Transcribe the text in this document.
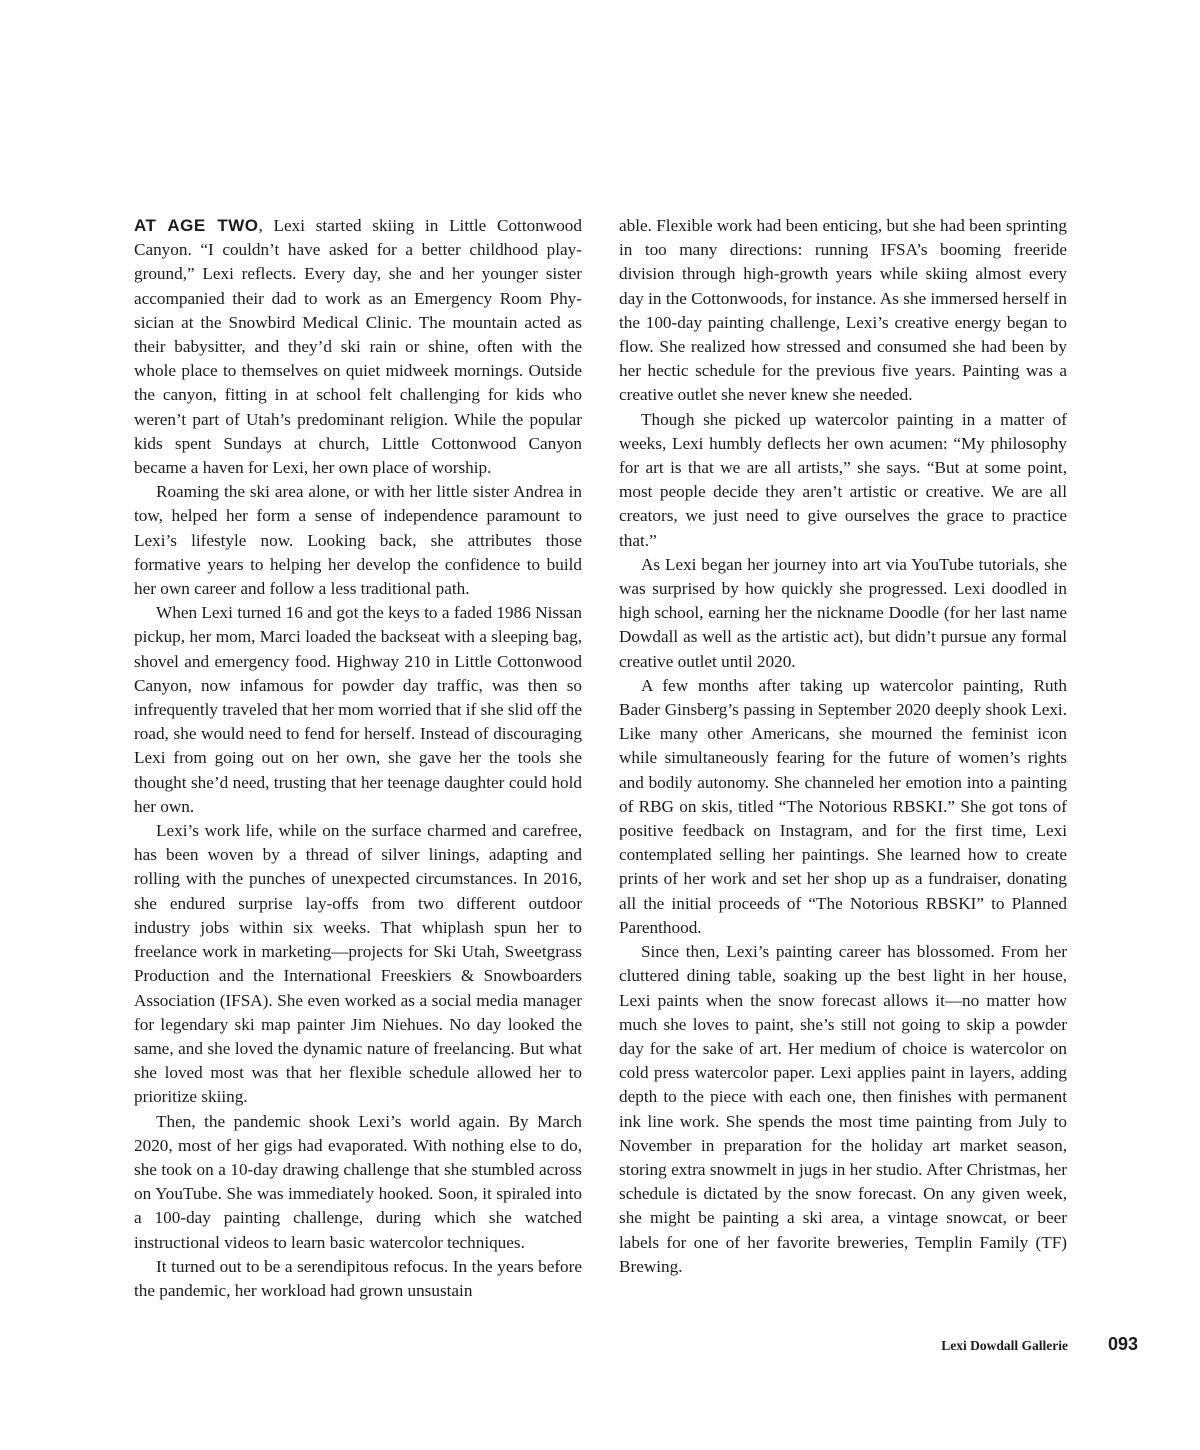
AT AGE TWO, Lexi started skiing in Little Cottonwood Canyon. “I couldn’t have asked for a better childhood playground,” Lexi reflects. Every day, she and her younger sister accompanied their dad to work as an Emergency Room Physician at the Snowbird Medical Clinic. The mountain acted as their babysitter, and they’d ski rain or shine, often with the whole place to themselves on quiet midweek mornings. Outside the canyon, fitting in at school felt challenging for kids who weren’t part of Utah’s predominant religion. While the popular kids spent Sundays at church, Little Cottonwood Canyon became a haven for Lexi, her own place of worship.

Roaming the ski area alone, or with her little sister Andrea in tow, helped her form a sense of independence paramount to Lexi’s lifestyle now. Looking back, she attributes those formative years to helping her develop the confidence to build her own career and follow a less traditional path.

When Lexi turned 16 and got the keys to a faded 1986 Nissan pickup, her mom, Marci loaded the backseat with a sleeping bag, shovel and emergency food. Highway 210 in Little Cottonwood Canyon, now infamous for powder day traffic, was then so infrequently traveled that her mom worried that if she slid off the road, she would need to fend for herself. Instead of discouraging Lexi from going out on her own, she gave her the tools she thought she’d need, trusting that her teenage daughter could hold her own.

Lexi’s work life, while on the surface charmed and carefree, has been woven by a thread of silver linings, adapting and rolling with the punches of unexpected circumstances. In 2016, she endured surprise lay-offs from two different outdoor industry jobs within six weeks. That whiplash spun her to freelance work in marketing—projects for Ski Utah, Sweetgrass Production and the International Freeskiers & Snowboarders Association (IFSA). She even worked as a social media manager for legendary ski map painter Jim Niehues. No day looked the same, and she loved the dynamic nature of freelancing. But what she loved most was that her flexible schedule allowed her to prioritize skiing.

Then, the pandemic shook Lexi’s world again. By March 2020, most of her gigs had evaporated. With nothing else to do, she took on a 10-day drawing challenge that she stumbled across on YouTube. She was immediately hooked. Soon, it spiraled into a 100-day painting challenge, during which she watched instructional videos to learn basic watercolor techniques.

It turned out to be a serendipitous refocus. In the years before the pandemic, her workload had grown unsustain

able. Flexible work had been enticing, but she had been sprinting in too many directions: running IFSA’s booming freeride division through high-growth years while skiing almost every day in the Cottonwoods, for instance. As she immersed herself in the 100-day painting challenge, Lexi’s creative energy began to flow. She realized how stressed and consumed she had been by her hectic schedule for the previous five years. Painting was a creative outlet she never knew she needed.

Though she picked up watercolor painting in a matter of weeks, Lexi humbly deflects her own acumen: “My philosophy for art is that we are all artists,” she says. “But at some point, most people decide they aren’t artistic or creative. We are all creators, we just need to give ourselves the grace to practice that.”

As Lexi began her journey into art via YouTube tutorials, she was surprised by how quickly she progressed. Lexi doodled in high school, earning her the nickname Doodle (for her last name Dowdall as well as the artistic act), but didn’t pursue any formal creative outlet until 2020.

A few months after taking up watercolor painting, Ruth Bader Ginsberg’s passing in September 2020 deeply shook Lexi. Like many other Americans, she mourned the feminist icon while simultaneously fearing for the future of women’s rights and bodily autonomy. She channeled her emotion into a painting of RBG on skis, titled “The Notorious RBSKI.” She got tons of positive feedback on Instagram, and for the first time, Lexi contemplated selling her paintings. She learned how to create prints of her work and set her shop up as a fundraiser, donating all the initial proceeds of “The Notorious RBSKI” to Planned Parenthood.

Since then, Lexi’s painting career has blossomed. From her cluttered dining table, soaking up the best light in her house, Lexi paints when the snow forecast allows it—no matter how much she loves to paint, she’s still not going to skip a powder day for the sake of art. Her medium of choice is watercolor on cold press watercolor paper. Lexi applies paint in layers, adding depth to the piece with each one, then finishes with permanent ink line work. She spends the most time painting from July to November in preparation for the holiday art market season, storing extra snowmelt in jugs in her studio. After Christmas, her schedule is dictated by the snow forecast. On any given week, she might be painting a ski area, a vintage snowcat, or beer labels for one of her favorite breweries, Templin Family (TF) Brewing.

Lexi Dowdall Gallerie 093
